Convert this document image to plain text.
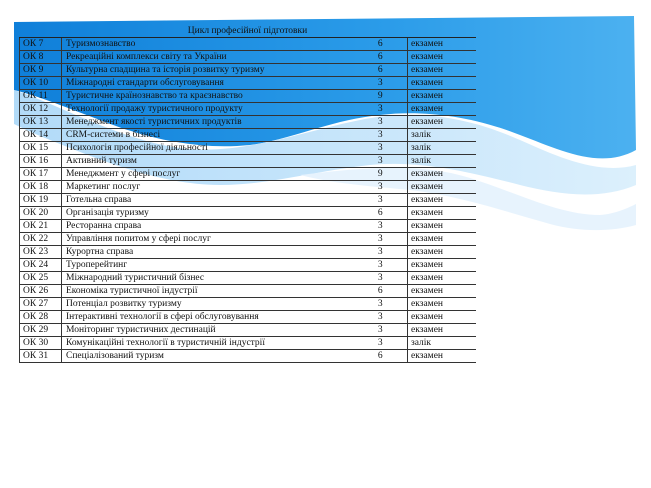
Цикл професійної підготовки			
ОК 7	Туризмознавство	6	екзамен
ОК 8	Рекреаційні комплекси світу та України	6	екзамен
ОК 9	Культурна спадщина та історія розвитку туризму	6	екзамен
ОК 10	Міжнародні стандарти обслуговування	3	екзамен
ОК 11	Туристичне країнознавство та краєзнавство	9	екзамен
ОК 12	Технології продажу туристичного продукту	3	екзамен
ОК 13	Менеджмент якості туристичних продуктів	3	екзамен
ОК 14	CRM-системи в бізнесі	3	залік
ОК 15	Психологія професійної діяльності	3	залік
ОК 16	Активний туризм	3	залік
ОК 17	Менеджмент у сфері послуг	9	екзамен
ОК 18	Маркетинг послуг	3	екзамен
ОК 19	Готельна справа	3	екзамен
ОК 20	Організація туризму	6	екзамен
ОК 21	Ресторанна справа	3	екзамен
ОК 22	Управління попитом у сфері послуг	3	екзамен
ОК 23	Курортна справа	3	екзамен
ОК 24	Туроперейтинг	3	екзамен
ОК 25	Міжнародний туристичний бізнес	3	екзамен
ОК 26	Економіка туристичної індустрії	6	екзамен
ОК 27	Потенціал розвитку туризму	3	екзамен
ОК 28	Інтерактивні технології в сфері обслуговування	3	екзамен
ОК 29	Моніторинг туристичних дестинацій	3	екзамен
ОК 30	Комунікаційні технології в туристичній індустрії	3	залік
ОК 31	Спеціалізований туризм	6	екзамен
